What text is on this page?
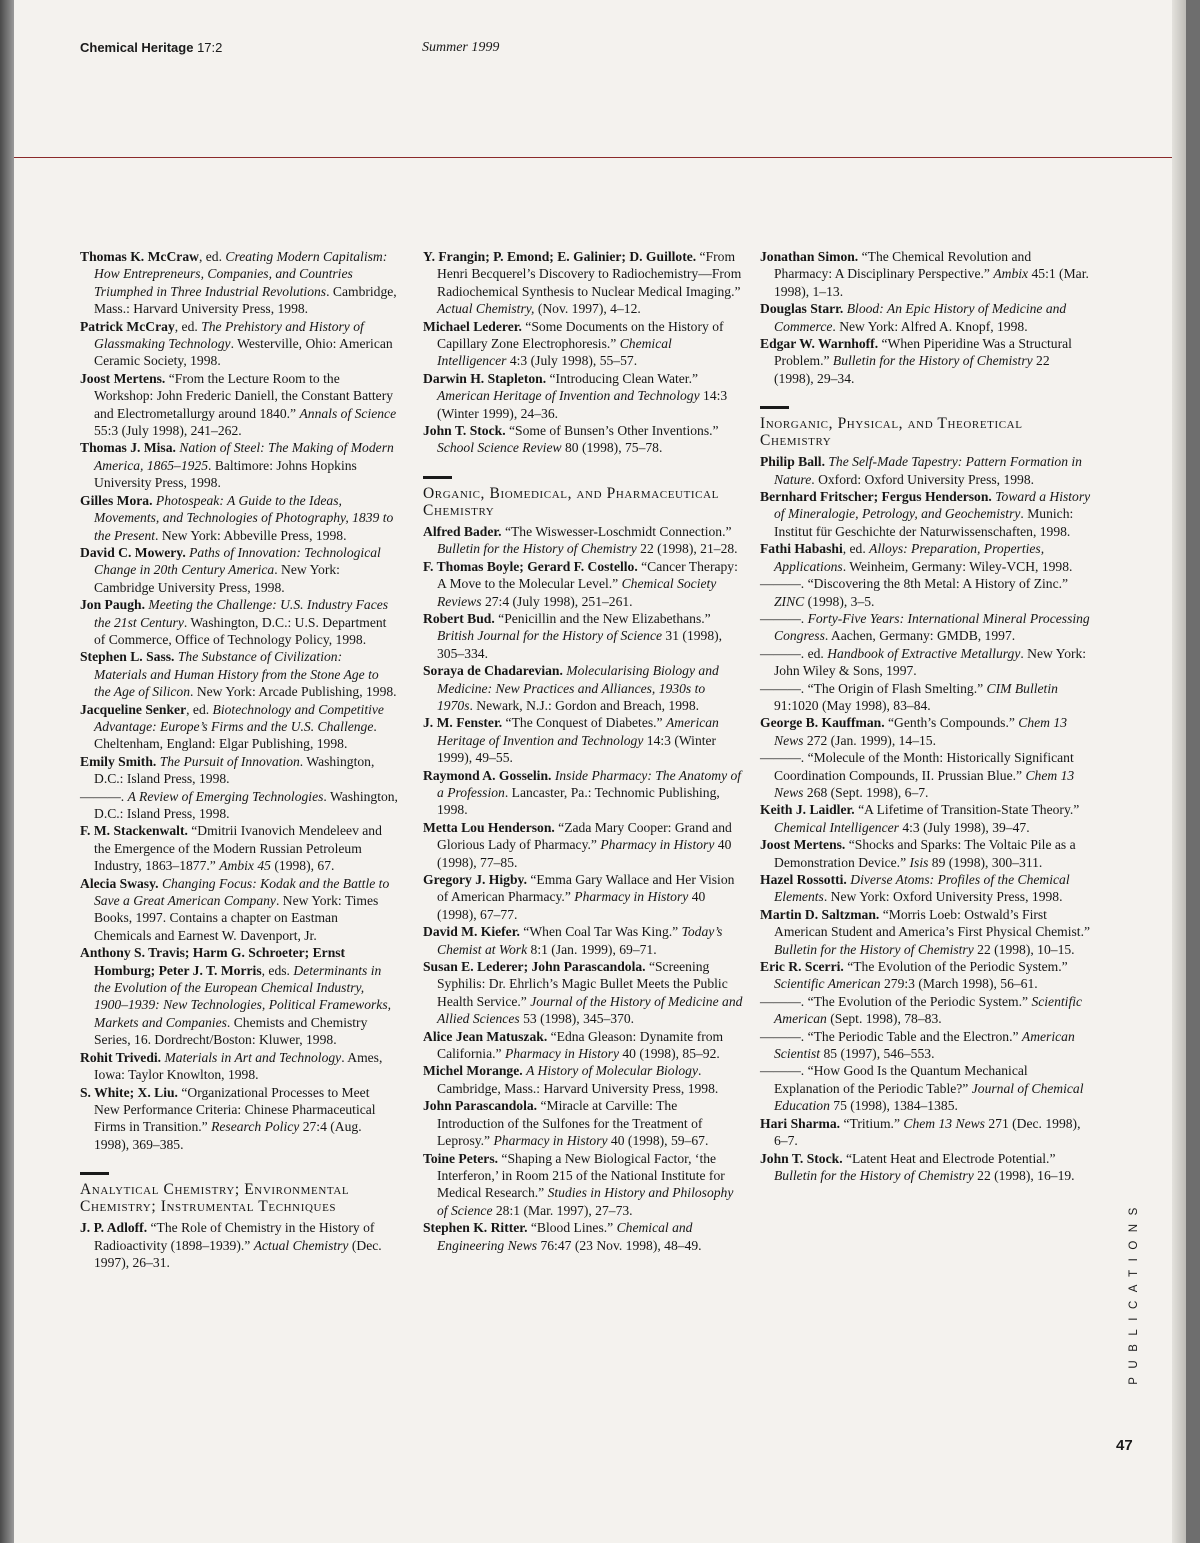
Chemical Heritage 17:2	Summer 1999

Thomas K. McCraw, ed. Creating Modern Capitalism: How Entrepreneurs, Companies, and Countries Triumphed in Three Industrial Revolutions. Cambridge, Mass.: Harvard University Press, 1998.

Patrick McCray, ed. The Prehistory and History of Glassmaking Technology. Westerville, Ohio: American Ceramic Society, 1998.

Joost Mertens. “From the Lecture Room to the Workshop: John Frederic Daniell, the Constant Battery and Electrometallurgy around 1840.” Annals of Science 55:3 (July 1998), 241–262.

Thomas J. Misa. Nation of Steel: The Making of Modern America, 1865–1925. Baltimore: Johns Hopkins University Press, 1998.

Gilles Mora. Photospeak: A Guide to the Ideas, Movements, and Technologies of Photography, 1839 to the Present. New York: Abbeville Press, 1998.

David C. Mowery. Paths of Innovation: Technological Change in 20th Century America. New York: Cambridge University Press, 1998.

Jon Paugh. Meeting the Challenge: U.S. Industry Faces the 21st Century. Washington, D.C.: U.S. Department of Commerce, Office of Technology Policy, 1998.

Stephen L. Sass. The Substance of Civilization: Materials and Human History from the Stone Age to the Age of Silicon. New York: Arcade Publishing, 1998.

Jacqueline Senker, ed. Biotechnology and Competitive Advantage: Europe’s Firms and the U.S. Challenge. Cheltenham, England: Elgar Publishing, 1998.

Emily Smith. The Pursuit of Innovation. Washington, D.C.: Island Press, 1998.

———. A Review of Emerging Technologies. Washington, D.C.: Island Press, 1998.

F. M. Stackenwalt. “Dmitrii Ivanovich Mendeleev and the Emergence of the Modern Russian Petroleum Industry, 1863–1877.” Ambix 45 (1998), 67.

Alecia Swasy. Changing Focus: Kodak and the Battle to Save a Great American Company. New York: Times Books, 1997. Contains a chapter on Eastman Chemicals and Earnest W. Davenport, Jr.

Anthony S. Travis; Harm G. Schroeter; Ernst Homburg; Peter J. T. Morris, eds. Determinants in the Evolution of the European Chemical Industry, 1900–1939: New Technologies, Political Frameworks, Markets and Companies. Chemists and Chemistry Series, 16. Dordrecht/Boston: Kluwer, 1998.

Rohit Trivedi. Materials in Art and Technology. Ames, Iowa: Taylor Knowlton, 1998.

S. White; X. Liu. “Organizational Processes to Meet New Performance Criteria: Chinese Pharmaceutical Firms in Transition.” Research Policy 27:4 (Aug. 1998), 369–385.

Analytical Chemistry; Environmental Chemistry; Instrumental Techniques

J. P. Adloff. “The Role of Chemistry in the History of Radioactivity (1898–1939).” Actual Chemistry (Dec. 1997), 26–31.

Y. Frangin; P. Emond; E. Galinier; D. Guillote. “From Henri Becquerel’s Discovery to Radiochemistry—From Radiochemical Synthesis to Nuclear Medical Imaging.” Actual Chemistry, (Nov. 1997), 4–12.

Michael Lederer. “Some Documents on the History of Capillary Zone Electrophoresis.” Chemical Intelligencer 4:3 (July 1998), 55–57.

Darwin H. Stapleton. “Introducing Clean Water.” American Heritage of Invention and Technology 14:3 (Winter 1999), 24–36.

John T. Stock. “Some of Bunsen’s Other Inventions.” School Science Review 80 (1998), 75–78.

Organic, Biomedical, and Pharmaceutical Chemistry

Alfred Bader. “The Wiswesser-Loschmidt Connection.” Bulletin for the History of Chemistry 22 (1998), 21–28.

F. Thomas Boyle; Gerard F. Costello. “Cancer Therapy: A Move to the Molecular Level.” Chemical Society Reviews 27:4 (July 1998), 251–261.

Robert Bud. “Penicillin and the New Elizabethans.” British Journal for the History of Science 31 (1998), 305–334.

Soraya de Chadarevian. Molecularising Biology and Medicine: New Practices and Alliances, 1930s to 1970s. Newark, N.J.: Gordon and Breach, 1998.

J. M. Fenster. “The Conquest of Diabetes.” American Heritage of Invention and Technology 14:3 (Winter 1999), 49–55.

Raymond A. Gosselin. Inside Pharmacy: The Anatomy of a Profession. Lancaster, Pa.: Technomic Publishing, 1998.

Metta Lou Henderson. “Zada Mary Cooper: Grand and Glorious Lady of Pharmacy.” Pharmacy in History 40 (1998), 77–85.

Gregory J. Higby. “Emma Gary Wallace and Her Vision of American Pharmacy.” Pharmacy in History 40 (1998), 67–77.

David M. Kiefer. “When Coal Tar Was King.” Today’s Chemist at Work 8:1 (Jan. 1999), 69–71.

Susan E. Lederer; John Parascandola. “Screening Syphilis: Dr. Ehrlich’s Magic Bullet Meets the Public Health Service.” Journal of the History of Medicine and Allied Sciences 53 (1998), 345–370.

Alice Jean Matuszak. “Edna Gleason: Dynamite from California.” Pharmacy in History 40 (1998), 85–92.

Michel Morange. A History of Molecular Biology. Cambridge, Mass.: Harvard University Press, 1998.

John Parascandola. “Miracle at Carville: The Introduction of the Sulfones for the Treatment of Leprosy.” Pharmacy in History 40 (1998), 59–67.

Toine Peters. “Shaping a New Biological Factor, ‘the Interferon,’ in Room 215 of the National Institute for Medical Research.” Studies in History and Philosophy of Science 28:1 (Mar. 1997), 27–73.

Stephen K. Ritter. “Blood Lines.” Chemical and Engineering News 76:47 (23 Nov. 1998), 48–49.

Jonathan Simon. “The Chemical Revolution and Pharmacy: A Disciplinary Perspective.” Ambix 45:1 (Mar. 1998), 1–13.

Douglas Starr. Blood: An Epic History of Medicine and Commerce. New York: Alfred A. Knopf, 1998.

Edgar W. Warnhoff. “When Piperidine Was a Structural Problem.” Bulletin for the History of Chemistry 22 (1998), 29–34.

Inorganic, Physical, and Theoretical Chemistry

Philip Ball. The Self-Made Tapestry: Pattern Formation in Nature. Oxford: Oxford University Press, 1998.

Bernhard Fritscher; Fergus Henderson. Toward a History of Mineralogie, Petrology, and Geochemistry. Munich: Institut für Geschichte der Naturwissenschaften, 1998.

Fathi Habashi, ed. Alloys: Preparation, Properties, Applications. Weinheim, Germany: Wiley-VCH, 1998.

———. “Discovering the 8th Metal: A History of Zinc.” ZINC (1998), 3–5.

———. Forty-Five Years: International Mineral Processing Congress. Aachen, Germany: GMDB, 1997.

———. ed. Handbook of Extractive Metallurgy. New York: John Wiley & Sons, 1997.

———. “The Origin of Flash Smelting.” CIM Bulletin 91:1020 (May 1998), 83–84.

George B. Kauffman. “Genth’s Compounds.” Chem 13 News 272 (Jan. 1999), 14–15.

———. “Molecule of the Month: Historically Significant Coordination Compounds, II. Prussian Blue.” Chem 13 News 268 (Sept. 1998), 6–7.

Keith J. Laidler. “A Lifetime of Transition-State Theory.” Chemical Intelligencer 4:3 (July 1998), 39–47.

Joost Mertens. “Shocks and Sparks: The Voltaic Pile as a Demonstration Device.” Isis 89 (1998), 300–311.

Hazel Rossotti. Diverse Atoms: Profiles of the Chemical Elements. New York: Oxford University Press, 1998.

Martin D. Saltzman. “Morris Loeb: Ostwald’s First American Student and America’s First Physical Chemist.” Bulletin for the History of Chemistry 22 (1998), 10–15.

Eric R. Scerri. “The Evolution of the Periodic System.” Scientific American 279:3 (March 1998), 56–61.

———. “The Evolution of the Periodic System.” Scientific American (Sept. 1998), 78–83.

———. “The Periodic Table and the Electron.” American Scientist 85 (1997), 546–553.

———. “How Good Is the Quantum Mechanical Explanation of the Periodic Table?” Journal of Chemical Education 75 (1998), 1384–1385.

Hari Sharma. “Tritium.” Chem 13 News 271 (Dec. 1998), 6–7.

John T. Stock. “Latent Heat and Electrode Potential.” Bulletin for the History of Chemistry 22 (1998), 16–19.

PUBLICATIONS
47
